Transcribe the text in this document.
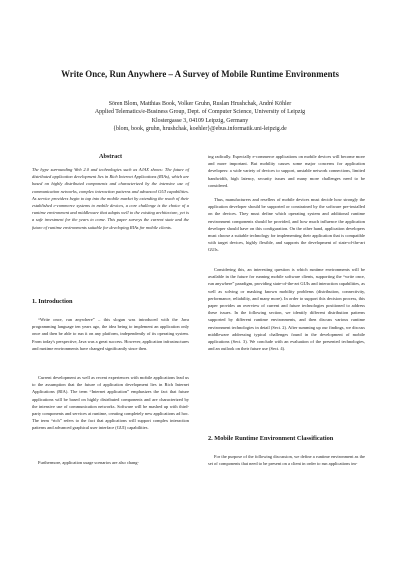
Write Once, Run Anywhere – A Survey of Mobile Runtime Environments
Sören Blom, Matthias Book, Volker Gruhn, Ruslan Hrushchak, André Köhler
Applied Telematics/e-Business Group, Dept. of Computer Science, University of Leipzig
Klostergasse 3, 04109 Leipzig, Germany
{blom, book, gruhn, hrushchak, koehler}@ebus.informatik.uni-leipzig.de
Abstract
The hype surrounding Web 2.0 and technologies such as AJAX shows: The future of distributed application development lies in Rich Internet Applications (RIAs), which are based on highly distributed components and characterized by the intensive use of communication networks, complex interaction patterns and advanced GUI capabilities. As service providers begin to tap into the mobile market by extending the reach of their established e-commerce systems to mobile devices, a core challenge is the choice of a runtime environment and middleware that adapts well to the existing architecture, yet is a safe investment for the years to come. This paper surveys the current state and the future of runtime environments suitable for developing RIAs for mobile clients.
1. Introduction
“Write once, run anywhere” – this slogan was introduced with the Java programming language ten years ago, the idea being to implement an application only once and then be able to run it on any platform, independently of its operating system. From today's perspective, Java was a great success. However, application infrastructures and runtime environments have changed significantly since then.
Current development as well as recent experiences with mobile applications lead us to the assumption that the future of application development lies in Rich Internet Applications (RIA). The term “Internet application” emphasizes the fact that future applications will be based on highly distributed components and are characterized by the intensive use of communication networks. Software will be mashed up with third-party components and services at runtime, creating completely new applications ad hoc. The term “rich” refers to the fact that applications will support complex interaction patterns and advanced graphical user interface (GUI) capabilities.
Furthermore, application usage scenarios are also chang-
ing radically. Especially e-commerce applications on mobile devices will become more and more important. But mobility causes some major concerns for application developers: a wide variety of devices to support, unstable network connections, limited bandwidth, high latency, security issues and many more challenges need to be considered.
Thus, manufacturers and resellers of mobile devices must decide how strongly the application developer should be supported or constrained by the software pre-installed on the devices. They must define which operating system and additional runtime environment components should be provided, and how much influence the application developer should have on this configuration. On the other hand, application developers must choose a suitable technology for implementing their application that is compatible with target devices, highly flexible, and supports the development of state-of-the-art GUIs.
Considering this, an interesting question is which runtime environments will be available in the future for running mobile software clients, supporting the “write once, run anywhere” paradigm, providing state-of-the-art GUIs and interaction capabilities, as well as solving or masking known mobility problems (distribution, connectivity, performance, reliability, and many more). In order to support this decision process, this paper provides an overview of current and future technologies positioned to address these issues. In the following section, we identify different distribution patterns supported by different runtime environments, and then discuss various runtime environment technologies in detail (Sect. 2). After summing up our findings, we discuss middleware addressing typical challenges found in the development of mobile applications (Sect. 3). We conclude with an evaluation of the presented technologies, and an outlook on their future use (Sect. 4).
2. Mobile Runtime Environment Classification
For the purpose of the following discussion, we define a runtime environment as the set of components that need to be present on a client in order to run applications im-
